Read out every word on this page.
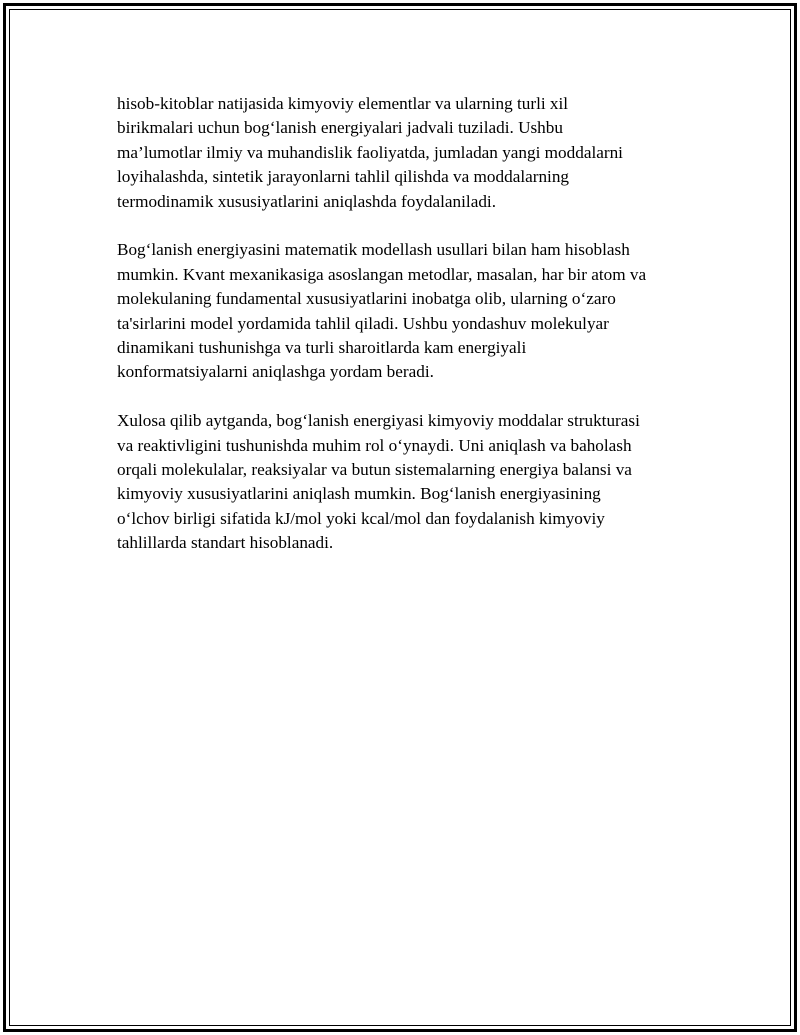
hisob-kitoblar natijasida kimyoviy elementlar va ularning turli xil
birikmalari uchun bog‘lanish energiyalari jadvali tuziladi. Ushbu
ma’lumotlar ilmiy va muhandislik faoliyatda, jumladan yangi moddalarni
loyihalashda, sintetik jarayonlarni tahlil qilishda va moddalarning
termodinamik xususiyatlarini aniqlashda foydalaniladi.

Bog‘lanish energiyasini matematik modellash usullari bilan ham hisoblash
mumkin. Kvant mexanikasiga asoslangan metodlar, masalan, har bir atom va
molekulaning fundamental xususiyatlarini inobatga olib, ularning o‘zaro
ta'sirlarini model yordamida tahlil qiladi. Ushbu yondashuv molekulyar
dinamikani tushunishga va turli sharoitlarda kam energiyali
konformatsiyalarni aniqlashga yordam beradi.

Xulosa qilib aytganda, bog‘lanish energiyasi kimyoviy moddalar strukturasi
va reaktivligini tushunishda muhim rol o‘ynaydi. Uni aniqlash va baholash
orqali molekulalar, reaksiyalar va butun sistemalarning energiya balansi va
kimyoviy xususiyatlarini aniqlash mumkin. Bog‘lanish energiyasining
o‘lchov birligi sifatida kJ/mol yoki kcal/mol dan foydalanish kimyoviy
tahlillarda standart hisoblanadi.
